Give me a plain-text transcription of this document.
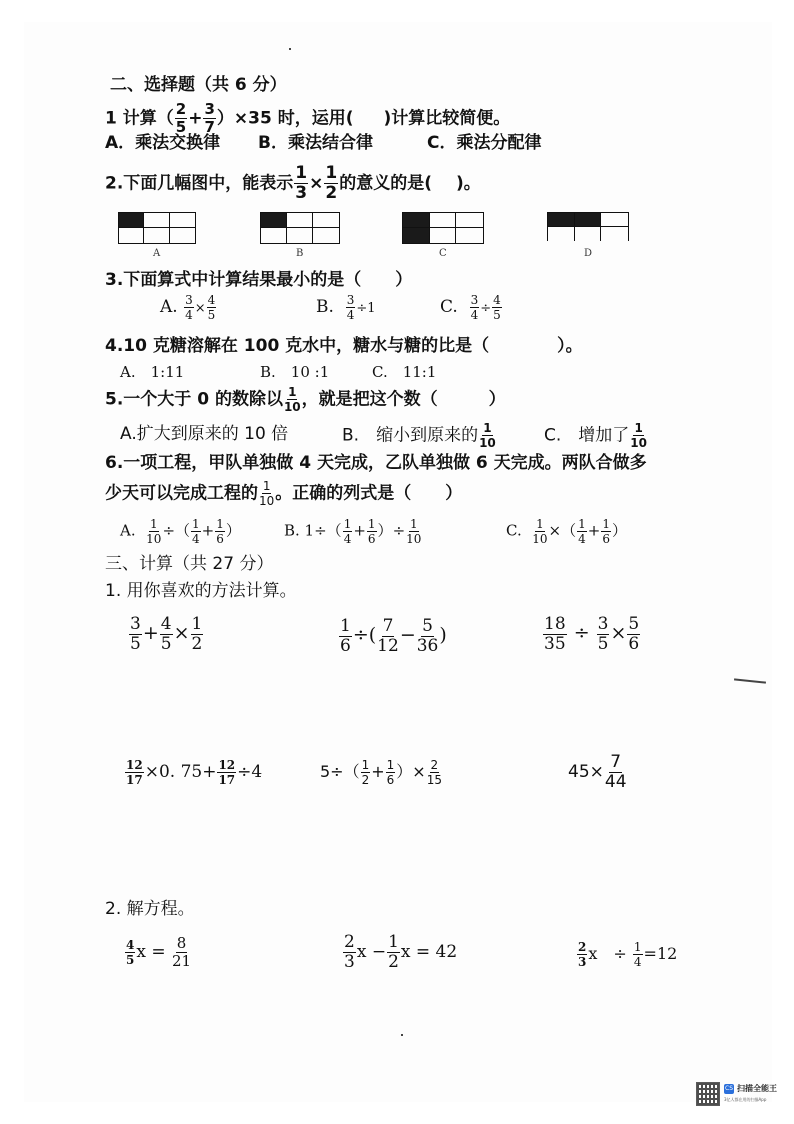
二、选择题（共 6 分）
1 计算（ $\frac{2}{5} + \frac{3}{7} )\times 35$ 时，运用( )计算比较简便。
A．乘法交换律 B．乘法结合律	C．乘法分配律
2.下面几幅图中，能表示 $\frac{1}{3} \times \frac{1}{2}$ 的意义的是( )。
A	B	C	D
3.下面算式中计算结果最小的是（　　）
A. $\frac{3}{4} \times \frac{4}{5}$	B. $\frac{3}{4} \div 1$	C. $\frac{3}{4} \div \frac{4}{5}$
4.10 克糖溶解在 100 克水中，糖水与糖的比是（　　　　）。
A.　1:11	B.　10 :1	C.　11:1
5.一个大于 0 的数除以 $\frac{1}{10}$ ，就是把这个数（　　　）
A.扩大到原来的 10 倍	B.　缩小到原来的 $\frac{1}{10}$	C.　增加了 $\frac{1}{10}$
6.一项工程，甲队单独做 4 天完成，乙队单独做 6 天完成。两队合做多
少天可以完成工程的 $\frac{1}{10}$ 。正确的列式是（　　）
A. $\frac{1}{10}$ ÷（ $\frac{1}{4} + \frac{1}{6}$ ）	B. $1\div( \frac{1}{4} + \frac{1}{6}$ ）÷ $\frac{1}{10}$	C. $\frac{1}{10}$ ×（ $\frac{1}{4} + \frac{1}{6}$ ）
三、计算（共 27 分）
1. 用你喜欢的方法计算。
$\frac{3}{5} + \frac{4}{5} \times \frac{1}{2}$	$\frac{1}{6}$ ÷( $\frac{7}{12} - \frac{5}{36}$ )	$\frac{18}{35} \div \frac{3}{5} \times \frac{5}{6}$
$\frac{12}{17} \times 0$. $75+ \frac{12}{17} \div 4$	$5\div( \frac{1}{2} + \frac{1}{6}$ ）× $\frac{2}{15}$	$45\times \frac{7}{44}$
2. 解方程。
$\frac{4}{5}$ $x = \frac{8}{21}$	$\frac{2}{3}$ $x - \frac{1}{2}$ x = 42	$\frac{2}{3}$ x　÷ $\frac{1}{4} =12$
CS 扫描全能王
3亿人都在用的扫描App
